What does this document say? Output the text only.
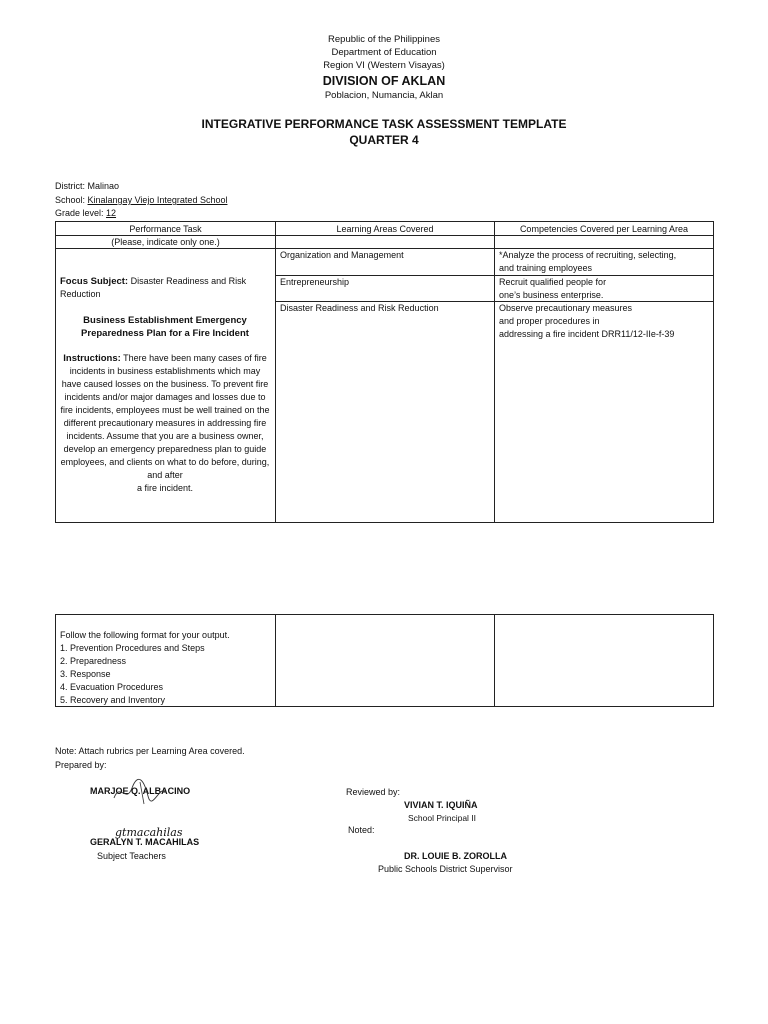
Republic of the Philippines
Department of Education
Region VI (Western Visayas)
DIVISION OF AKLAN
Poblacion, Numancia, Aklan
INTEGRATIVE PERFORMANCE TASK ASSESSMENT TEMPLATE
QUARTER 4
District: Malinao
School: Kinalangay Viejo Integrated School
Grade level: 12
Performance Task	Learning Areas Covered	Competencies Covered per Learning Area
(Please, indicate only one.)
Focus Subject: Disaster Readiness and Risk Reduction
Business Establishment Emergency
Preparedness Plan for a Fire Incident
Instructions: There have been many cases of fire incidents in business establishments which may have caused losses on the business. To prevent fire incidents and/or major damages and losses due to fire incidents, employees must be well trained on the different precautionary measures in addressing fire incidents. Assume that you are a business owner, develop an emergency preparedness plan to guide employees, and clients on what to do before, during, and after
a fire incident.
Organization and Management
Entrepreneurship
Disaster Readiness and Risk Reduction
*Analyze the process of recruiting, selecting,
and training employees
Recruit qualified people for
one’s business enterprise.
Observe precautionary measures
and proper procedures in
addressing a fire incident DRR11/12-IIe-f-39
Follow the following format for your output.
1. Prevention Procedures and Steps
2. Preparedness
3. Response
4. Evacuation Procedures
5. Recovery and Inventory
Note: Attach rubrics per Learning Area covered.
Prepared by:
MARJOE Q. ALBACINO
gtmacahilas
GERALYN T. MACAHILAS
Subject Teachers
Reviewed by:
VIVIAN T. IQUIÑA
School Principal II
Noted:
DR. LOUIE B. ZOROLLA
Public Schools District Supervisor
